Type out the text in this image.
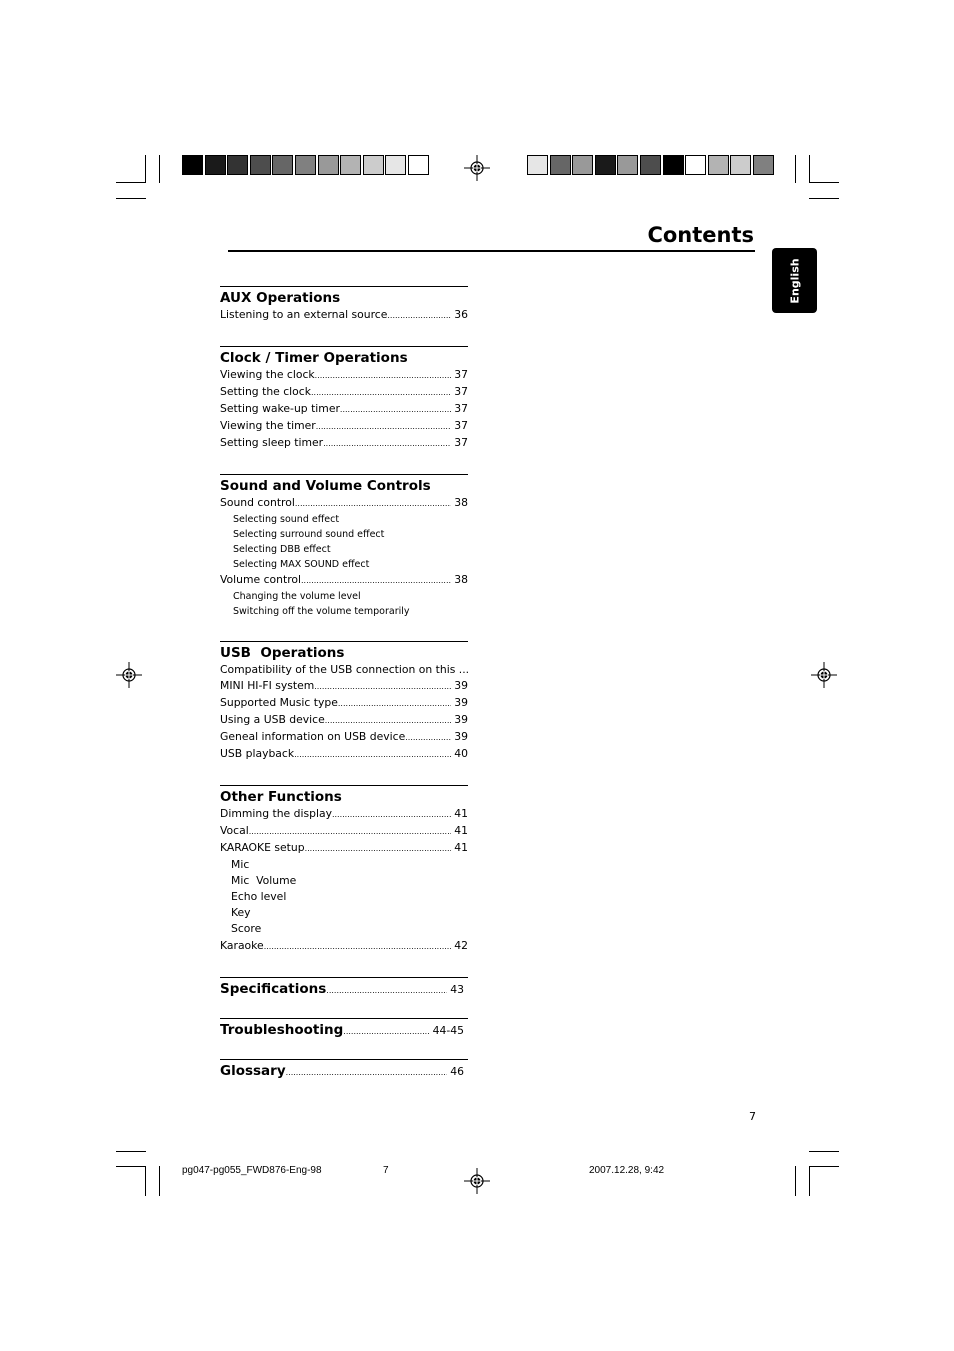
Contents
English
AUX Operations
Listening to an external source .....	36
Clock / Timer Operations
Viewing the clock .....	37
Setting the clock .....	37
Setting wake-up timer .....	37
Viewing the timer .....	37
Setting sleep timer .....	37
Sound and Volume Controls
Sound control .....	38
Selecting sound effect
Selecting surround sound effect
Selecting DBB effect
Selecting MAX SOUND effect
Volume control .....	38
Changing the volume level
Switching off the volume temporarily
USB  Operations
Compatibility of the USB connection on this ...
MINI HI-FI system .....	39
Supported Music type .....	39
Using a USB device .....	39
Geneal information on USB device .....	39
USB playback .....	40
Other Functions
Dimming the display .....	41
Vocal .....	41
KARAOKE setup .....	41
Mic
Mic  Volume
Echo level
Key
Score
Karaoke .....	42
Specifications .....	43
Troubleshooting .....	44-45
Glossary .....	46
7
pg047-pg055_FWD876-Eng-98	7	2007.12.28, 9:42
